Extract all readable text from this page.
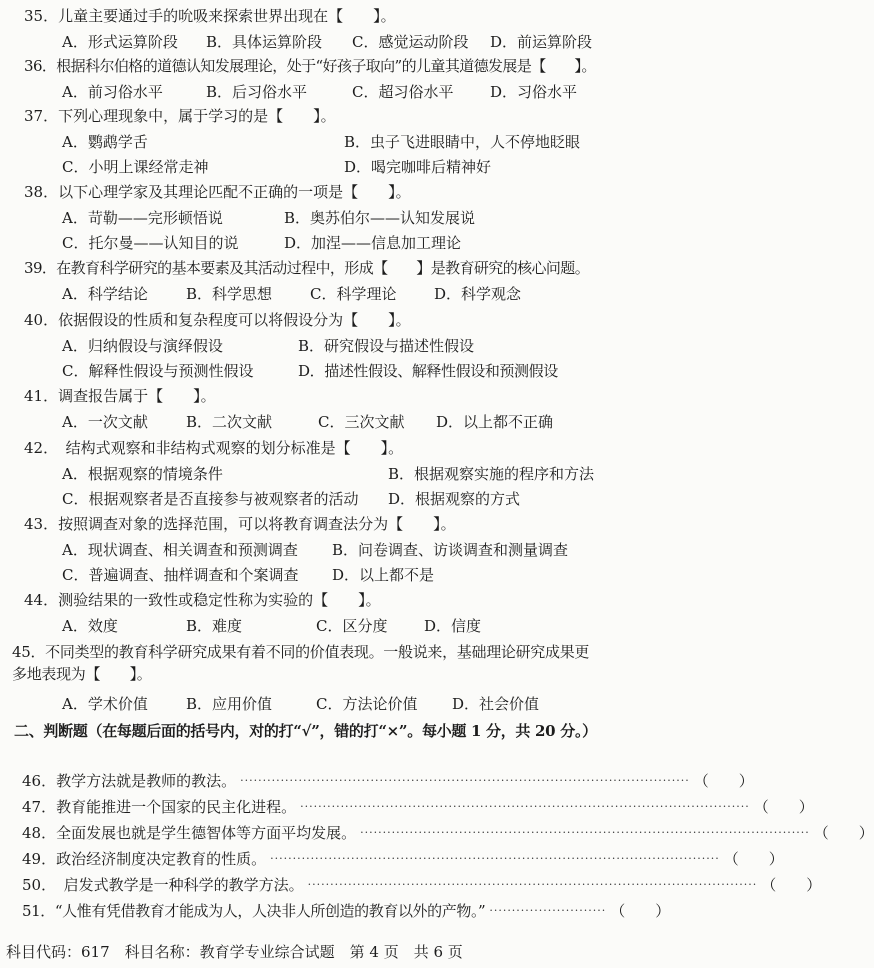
35．儿童主要通过手的吮吸来探索世界出现在【　　】。
A．形式运算阶段 B．具体运算阶段 C．感觉运动阶段 D．前运算阶段
36．根据科尔伯格的道德认知发展理论，处于“好孩子取向”的儿童其道德发展是【　　】。
A．前习俗水平	B．后习俗水平	C．超习俗水平 D．习俗水平
37．下列心理现象中，属于学习的是【　　】。
A．鹦鹉学舌	B．虫子飞进眼睛中，人不停地眨眼
C．小明上课经常走神	D．喝完咖啡后精神好
38．以下心理学家及其理论匹配不正确的一项是【　　】。
A．苛勒——完形顿悟说	B．奥苏伯尔——认知发展说
C．托尔曼——认知目的说	D．加涅——信息加工理论
39．在教育科学研究的基本要素及其活动过程中，形成【　　】是教育研究的核心问题。
A．科学结论	B．科学思想	C．科学理论	D．科学观念
40．依据假设的性质和复杂程度可以将假设分为【　　】。
A．归纳假设与演绎假设	B．研究假设与描述性假设
C．解释性假设与预测性假设	D．描述性假设、解释性假设和预测假设
41．调查报告属于【　　】。
A．一次文献	B．二次文献	C．三次文献 D．以上都不正确
42．　结构式观察和非结构式观察的划分标准是【　　】。
A．根据观察的情境条件	B．根据观察实施的程序和方法
C．根据观察者是否直接参与被观察者的活动 D．根据观察的方式
43．按照调查对象的选择范围，可以将教育调查法分为【　　】。
A．现状调查、相关调查和预测调查 B．问卷调查、访谈调查和测量调查
C．普遍调查、抽样调查和个案调查 D．以上都不是
44．测验结果的一致性或稳定性称为实验的【　　】。
A．效度	B．难度	C．区分度 D．信度
45．不同类型的教育科学研究成果有着不同的价值表现。一般说来，基础理论研究成果更多地表现为【　　】。
A．学术价值	B．应用价值	C．方法论价值 D．社会价值
二、判断题（在每题后面的括号内，对的打“√”，错的打“×”。每小题 1 分，共 20 分。）
46．教学方法就是教师的教法。 ···································································································· （　　）
47．教育能推进一个国家的民主化进程。 ···································································································· （　　）
48．全面发展也就是学生德智体等方面平均发展。 ···································································································· （　　）
49．政治经济制度决定教育的性质。 ···································································································· （　　）
50．　启发式教学是一种科学的教学方法。 ···································································································· （　　）
51．“人惟有凭借教育才能成为人，人决非人所创造的教育以外的产物。” ·························· （　　）
科目代码：617　科目名称：教育学专业综合试题　第 4 页　共 6 页
